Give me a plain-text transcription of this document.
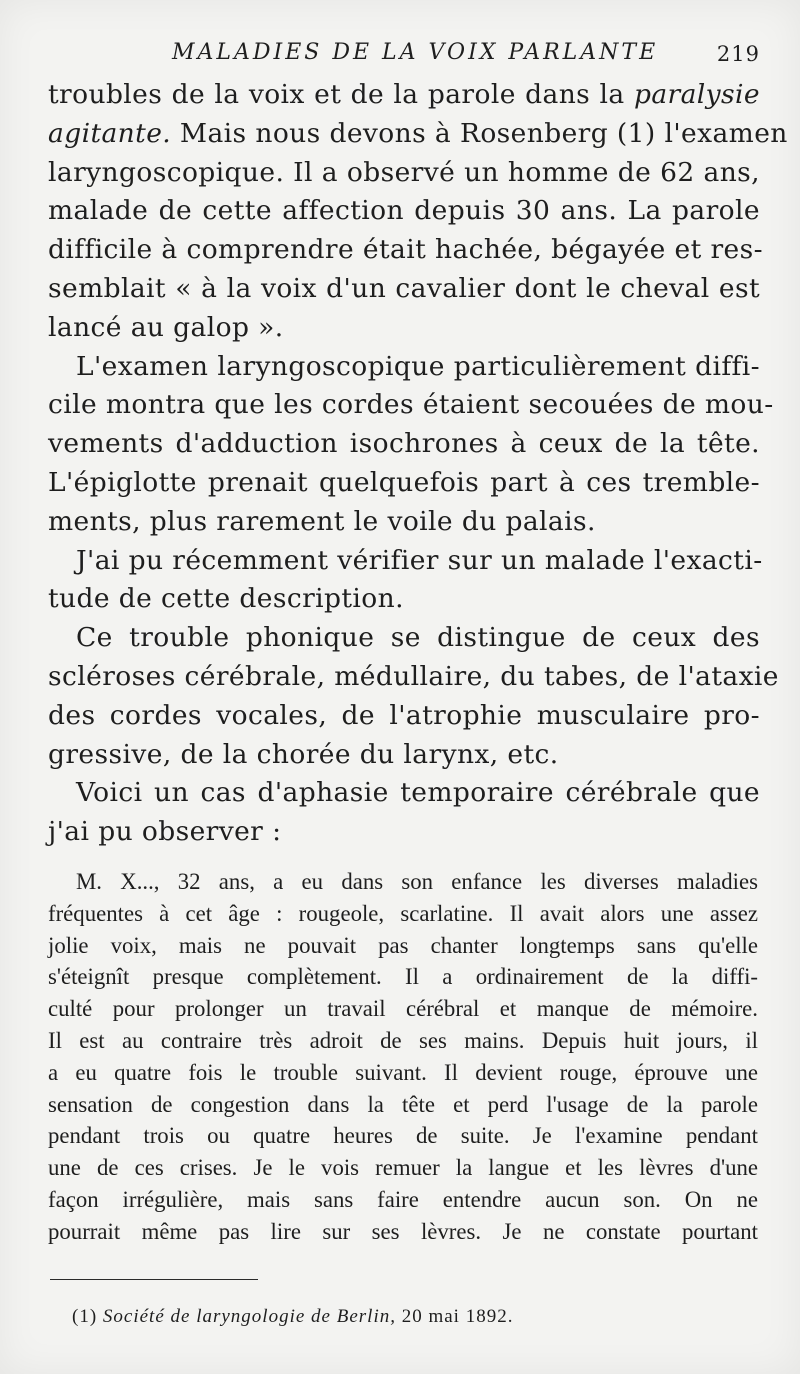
MALADIES DE LA VOIX PARLANTE	219
troubles de la voix et de la parole dans la paralysie
agitante. Mais nous devons à Rosenberg (1) l'examen
laryngoscopique. Il a observé un homme de 62 ans,
malade de cette affection depuis 30 ans. La parole
difficile à comprendre était hachée, bégayée et res-
semblait « à la voix d'un cavalier dont le cheval est
lancé au galop ».
L'examen laryngoscopique particulièrement diffi-
cile montra que les cordes étaient secouées de mou-
vements d'adduction isochrones à ceux de la tête.
L'épiglotte prenait quelquefois part à ces tremble-
ments, plus rarement le voile du palais.
J'ai pu récemment vérifier sur un malade l'exacti-
tude de cette description.
Ce trouble phonique se distingue de ceux des
scléroses cérébrale, médullaire, du tabes, de l'ataxie
des cordes vocales, de l'atrophie musculaire pro-
gressive, de la chorée du larynx, etc.
Voici un cas d'aphasie temporaire cérébrale que
j'ai pu observer :
M. X..., 32 ans, a eu dans son enfance les diverses maladies
fréquentes à cet âge : rougeole, scarlatine. Il avait alors une assez
jolie voix, mais ne pouvait pas chanter longtemps sans qu'elle
s'éteignît presque complètement. Il a ordinairement de la diffi-
culté pour prolonger un travail cérébral et manque de mémoire.
Il est au contraire très adroit de ses mains. Depuis huit jours, il
a eu quatre fois le trouble suivant. Il devient rouge, éprouve une
sensation de congestion dans la tête et perd l'usage de la parole
pendant trois ou quatre heures de suite. Je l'examine pendant
une de ces crises. Je le vois remuer la langue et les lèvres d'une
façon irrégulière, mais sans faire entendre aucun son. On ne
pourrait même pas lire sur ses lèvres. Je ne constate pourtant
(1) Société de laryngologie de Berlin, 20 mai 1892.
